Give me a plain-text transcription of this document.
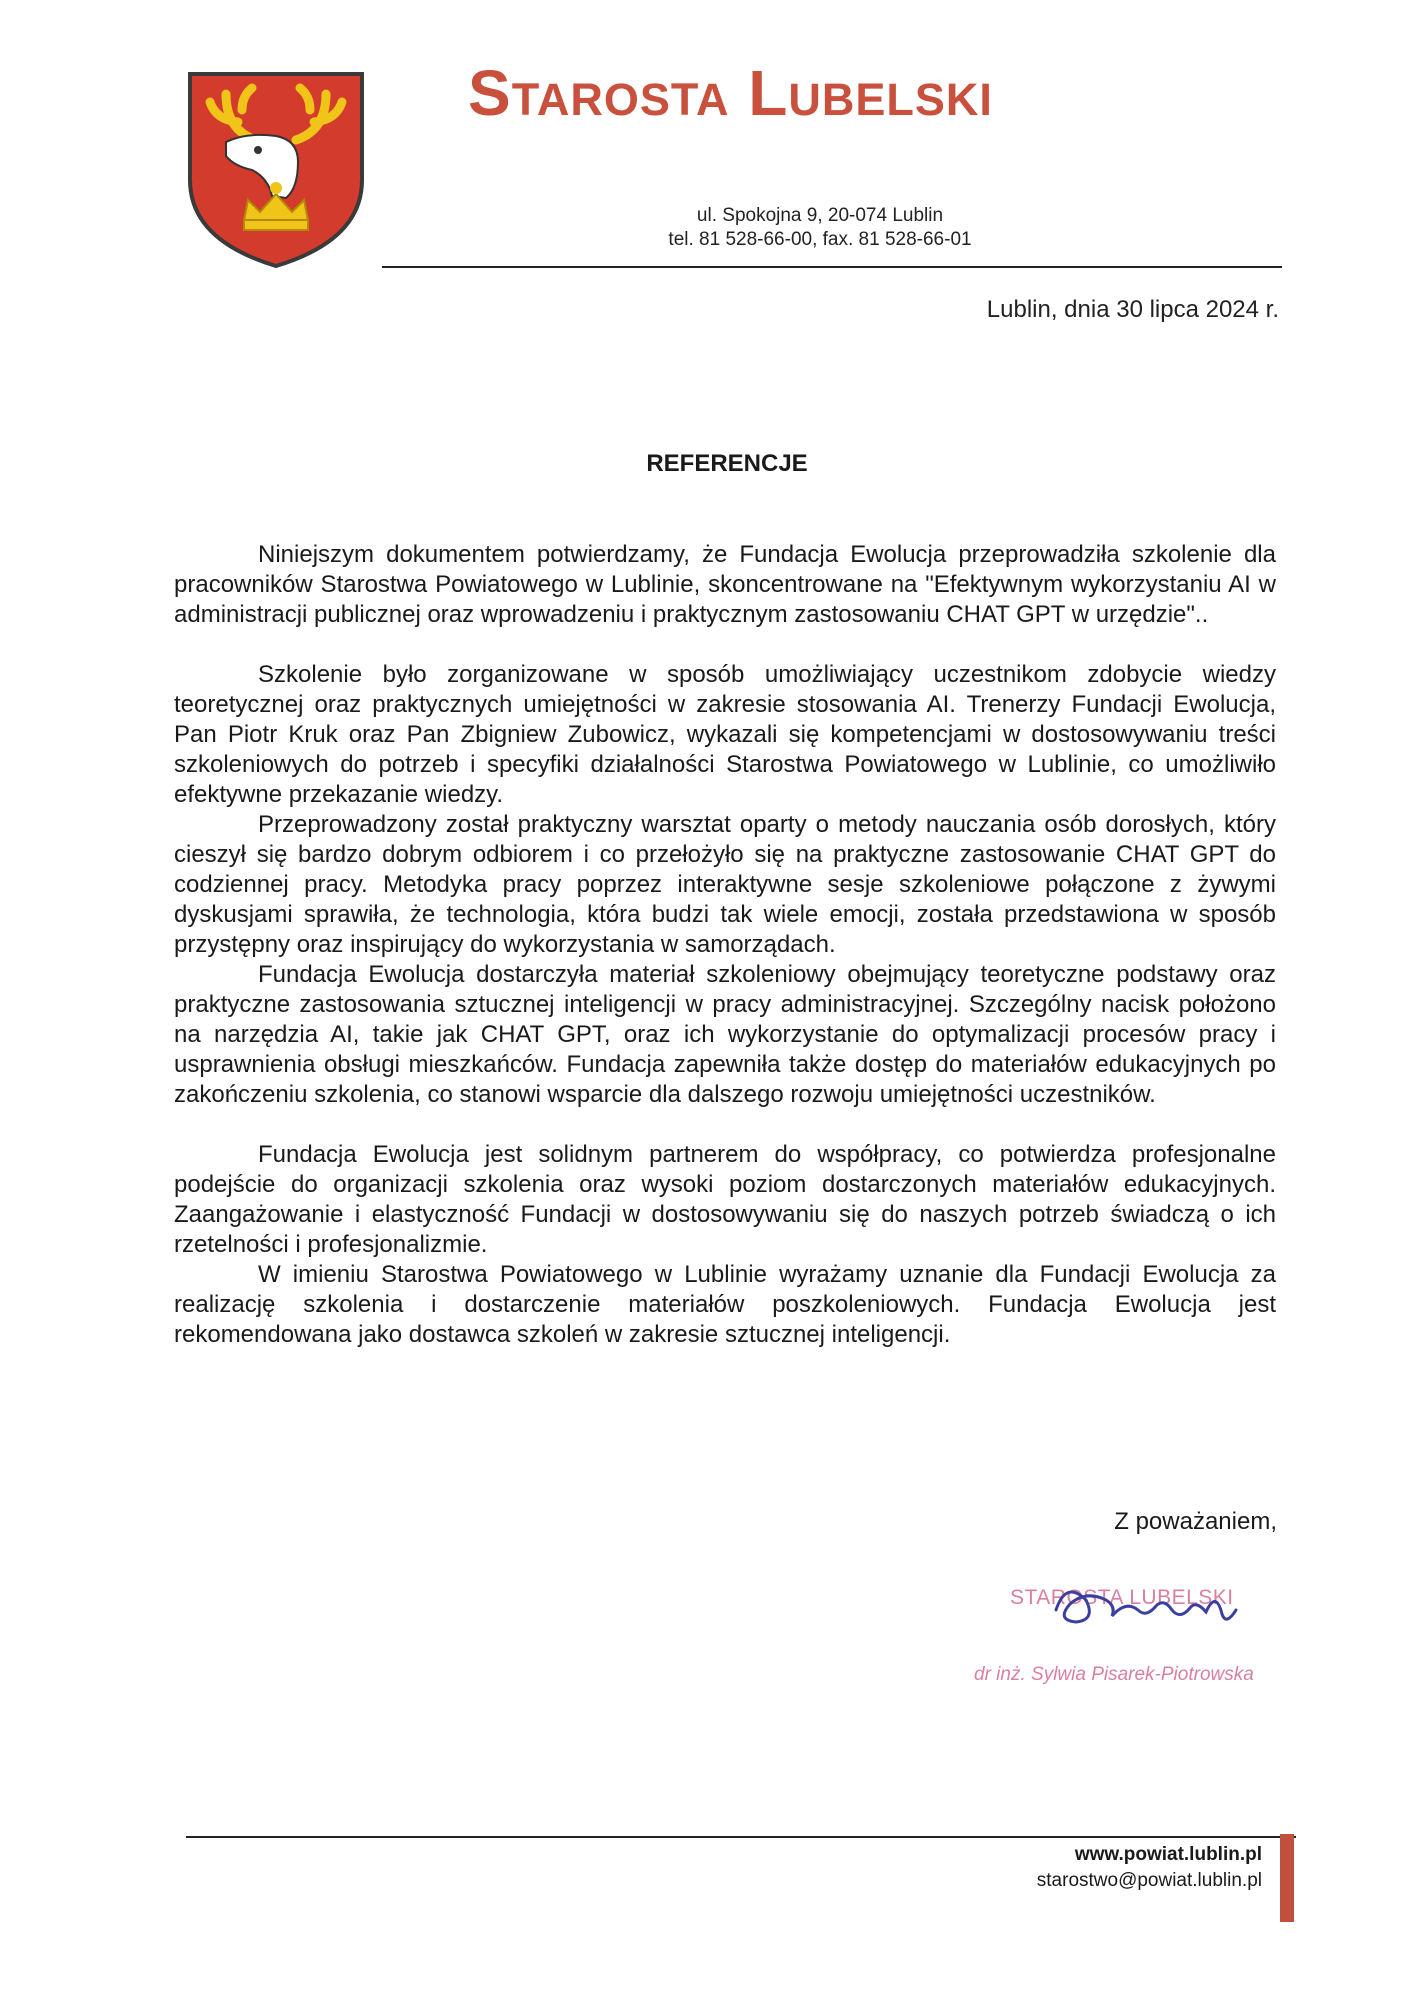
Starosta Lubelski
ul. Spokojna 9, 20-074 Lublin
tel. 81 528-66-00, fax. 81 528-66-01
Lublin, dnia 30 lipca 2024 r.
REFERENCJE

Niniejszym dokumentem potwierdzamy, że Fundacja Ewolucja przeprowadziła szkolenie dla pracowników Starostwa Powiatowego w Lublinie, skoncentrowane na "Efektywnym wykorzystaniu AI w administracji publicznej oraz wprowadzeniu i praktycznym zastosowaniu CHAT GPT w urzędzie"..

Szkolenie było zorganizowane w sposób umożliwiający uczestnikom zdobycie wiedzy teoretycznej oraz praktycznych umiejętności w zakresie stosowania AI. Trenerzy Fundacji Ewolucja, Pan Piotr Kruk oraz Pan Zbigniew Zubowicz, wykazali się kompetencjami w dostosowywaniu treści szkoleniowych do potrzeb i specyfiki działalności Starostwa Powiatowego w Lublinie, co umożliwiło efektywne przekazanie wiedzy.

Przeprowadzony został praktyczny warsztat oparty o metody nauczania osób dorosłych, który cieszył się bardzo dobrym odbiorem i co przełożyło się na praktyczne zastosowanie CHAT GPT do codziennej pracy. Metodyka pracy poprzez interaktywne sesje szkoleniowe połączone z żywymi dyskusjami sprawiła, że technologia, która budzi tak wiele emocji, została przedstawiona w sposób przystępny oraz inspirujący do wykorzystania w samorządach.

Fundacja Ewolucja dostarczyła materiał szkoleniowy obejmujący teoretyczne podstawy oraz praktyczne zastosowania sztucznej inteligencji w pracy administracyjnej. Szczególny nacisk położono na narzędzia AI, takie jak CHAT GPT, oraz ich wykorzystanie do optymalizacji procesów pracy i usprawnienia obsługi mieszkańców. Fundacja zapewniła także dostęp do materiałów edukacyjnych po zakończeniu szkolenia, co stanowi wsparcie dla dalszego rozwoju umiejętności uczestników.

Fundacja Ewolucja jest solidnym partnerem do współpracy, co potwierdza profesjonalne podejście do organizacji szkolenia oraz wysoki poziom dostarczonych materiałów edukacyjnych. Zaangażowanie i elastyczność Fundacji w dostosowywaniu się do naszych potrzeb świadczą o ich rzetelności i profesjonalizmie.

W imieniu Starostwa Powiatowego w Lublinie wyrażamy uznanie dla Fundacji Ewolucja za realizację szkolenia i dostarczenie materiałów poszkoleniowych. Fundacja Ewolucja jest rekomendowana jako dostawca szkoleń w zakresie sztucznej inteligencji.

Z poważaniem,
STAROSTA LUBELSKI
dr inż. Sylwia Pisarek-Piotrowska
www.powiat.lublin.pl
starostwo@powiat.lublin.pl
